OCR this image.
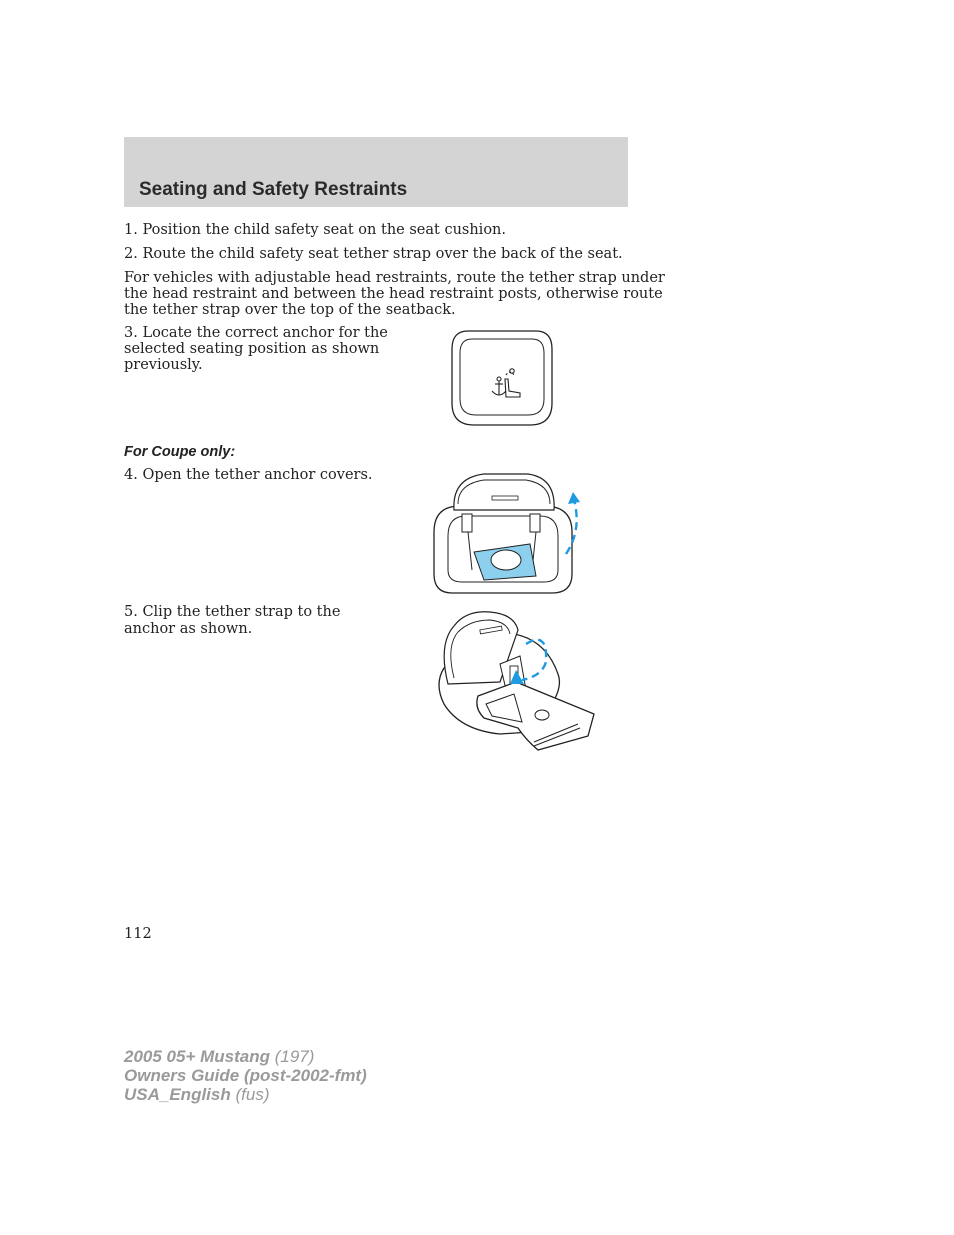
Seating and Safety Restraints

1. Position the child safety seat on the seat cushion.

2. Route the child safety seat tether strap over the back of the seat.

For vehicles with adjustable head restraints, route the tether strap under

the head restraint and between the head restraint posts, otherwise route

the tether strap over the top of the seatback.

3. Locate the correct anchor for the

selected seating position as shown

previously.

For Coupe only:

4. Open the tether anchor covers.

5. Clip the tether strap to the

anchor as shown.

112
2005 05+ Mustang (197)
Owners Guide (post-2002-fmt)
USA_English (fus)
